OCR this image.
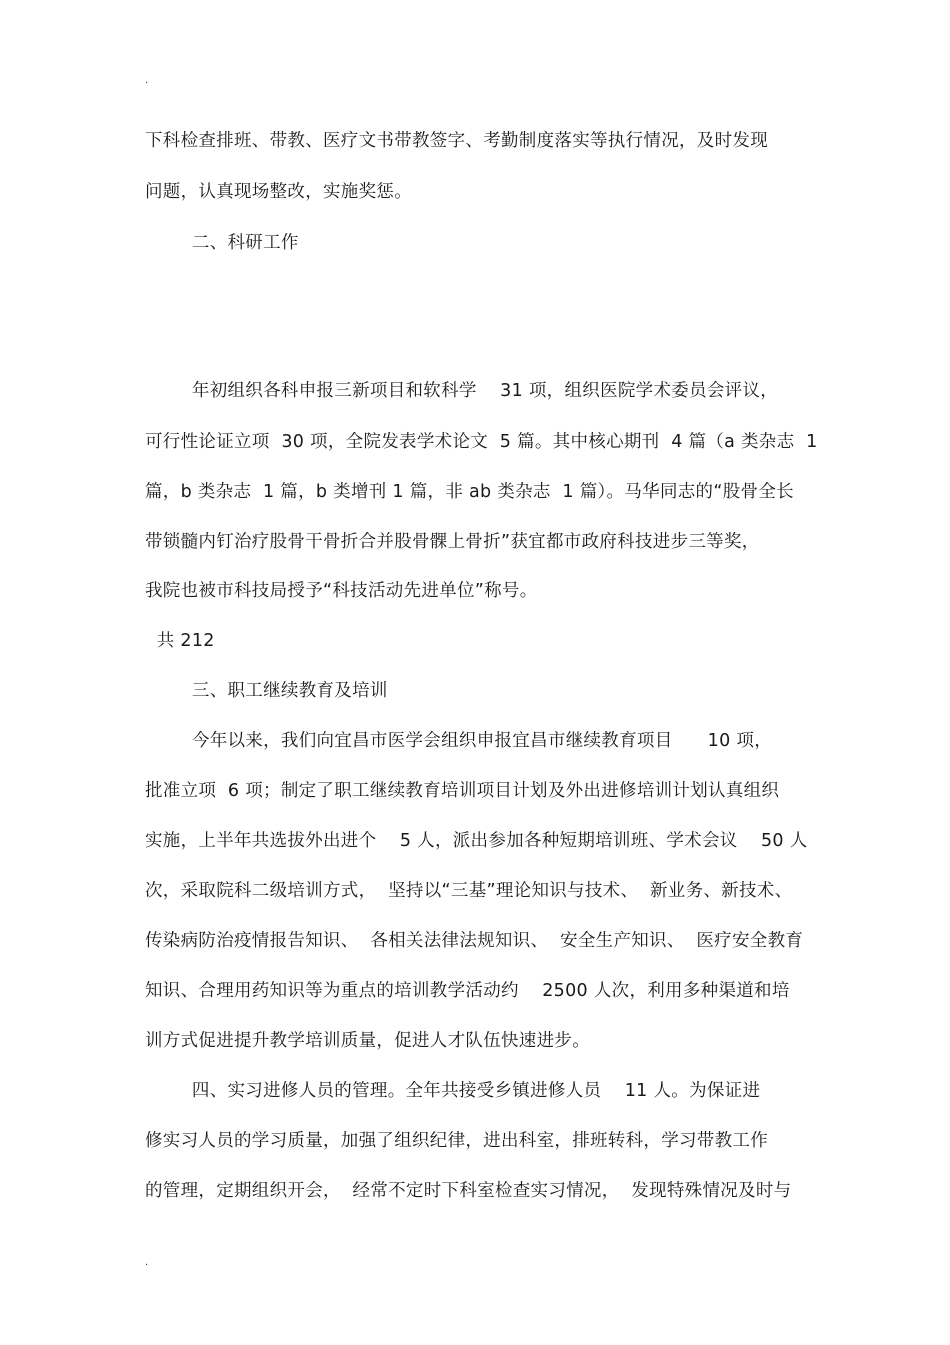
.
下科检查排班、带教、医疗文书带教签字、考勤制度落实等执行情况，及时发现
问题，认真现场整改，实施奖惩。
二、科研工作
年初组织各科申报三新项目和软科学    31 项，组织医院学术委员会评议，
可行性论证立项  30 项，全院发表学术论文  5 篇。其中核心期刊  4 篇（a 类杂志  1
篇，b 类杂志  1 篇，b 类增刊 1 篇，非 ab 类杂志  1 篇）。马华同志的“股骨全长
带锁髓内钉治疗股骨干骨折合并股骨髁上骨折”获宜都市政府科技进步三等奖，
我院也被市科技局授予“科技活动先进单位”称号。
共 212
三、职工继续教育及培训
今年以来，我们向宜昌市医学会组织申报宜昌市继续教育项目      10 项，
批准立项  6 项；制定了职工继续教育培训项目计划及外出进修培训计划认真组织
实施，上半年共选拔外出进个    5 人，派出参加各种短期培训班、学术会议    50 人
次，采取院科二级培训方式，  坚持以“三基”理论知识与技术、  新业务、新技术、
传染病防治疫情报告知识、  各相关法律法规知识、  安全生产知识、  医疗安全教育
知识、合理用药知识等为重点的培训教学活动约    2500 人次，利用多种渠道和培
训方式促进提升教学培训质量，促进人才队伍快速进步。
四、实习进修人员的管理。全年共接受乡镇进修人员    11 人。为保证进
修实习人员的学习质量，加强了组织纪律，进出科室，排班转科，学习带教工作
的管理，定期组织开会，  经常不定时下科室检查实习情况，  发现特殊情况及时与
.
